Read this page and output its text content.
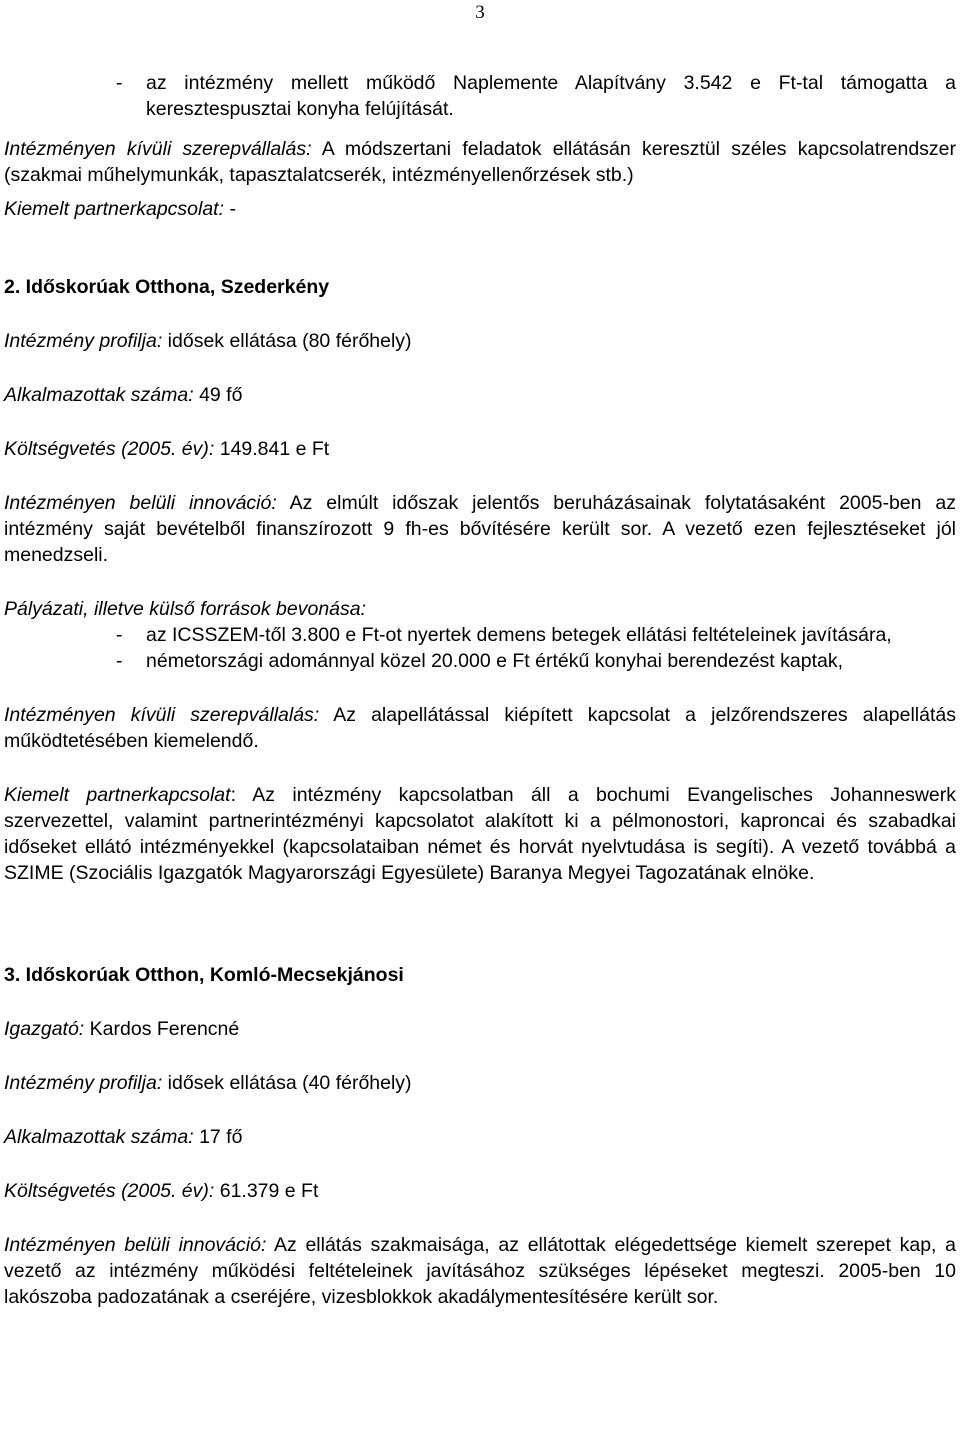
3
-	az intézmény mellett működő Naplemente Alapítvány 3.542 e Ft-tal támogatta a keresztespusztai konyha felújítását.

Intézményen kívüli szerepvállalás: A módszertani feladatok ellátásán keresztül széles kapcsolatrendszer (szakmai műhelymunkák, tapasztalatcserék, intézményellenőrzések stb.)

Kiemelt partnerkapcsolat: -

2. Időskorúak Otthona, Szederkény

Intézmény profilja: idősek ellátása (80 férőhely)

Alkalmazottak száma: 49 fő

Költségvetés (2005. év): 149.841 e Ft

Intézményen belüli innováció: Az elmúlt időszak jelentős beruházásainak folytatásaként 2005-ben az intézmény saját bevételből finanszírozott 9 fh-es bővítésére került sor. A vezető ezen fejlesztéseket jól menedzseli.

Pályázati, illetve külső források bevonása:

-	az ICSSZEM-től 3.800 e Ft-ot nyertek demens betegek ellátási feltételeinek javítására,
-	németországi adománnyal közel 20.000 e Ft értékű konyhai berendezést kaptak,

Intézményen kívüli szerepvállalás: Az alapellátással kiépített kapcsolat a jelzőrendszeres alapellátás működtetésében kiemelendő.

Kiemelt partnerkapcsolat: Az intézmény kapcsolatban áll a bochumi Evangelisches Johanneswerk szervezettel, valamint partnerintézményi kapcsolatot alakított ki a pélmonostori, kaproncai és szabadkai időseket ellátó intézményekkel (kapcsolataiban német és horvát nyelvtudása is segíti). A vezető továbbá a SZIME (Szociális Igazgatók Magyarországi Egyesülete) Baranya Megyei Tagozatának elnöke.

3. Időskorúak Otthon, Komló-Mecsekjánosi

Igazgató: Kardos Ferencné

Intézmény profilja: idősek ellátása (40 férőhely)

Alkalmazottak száma: 17 fő

Költségvetés (2005. év): 61.379 e Ft

Intézményen belüli innováció: Az ellátás szakmaisága, az ellátottak elégedettsége kiemelt szerepet kap, a vezető az intézmény működési feltételeinek javításához szükséges lépéseket megteszi. 2005-ben 10 lakószoba padozatának a cseréjére, vizesblokkok akadálymentesítésére került sor.
